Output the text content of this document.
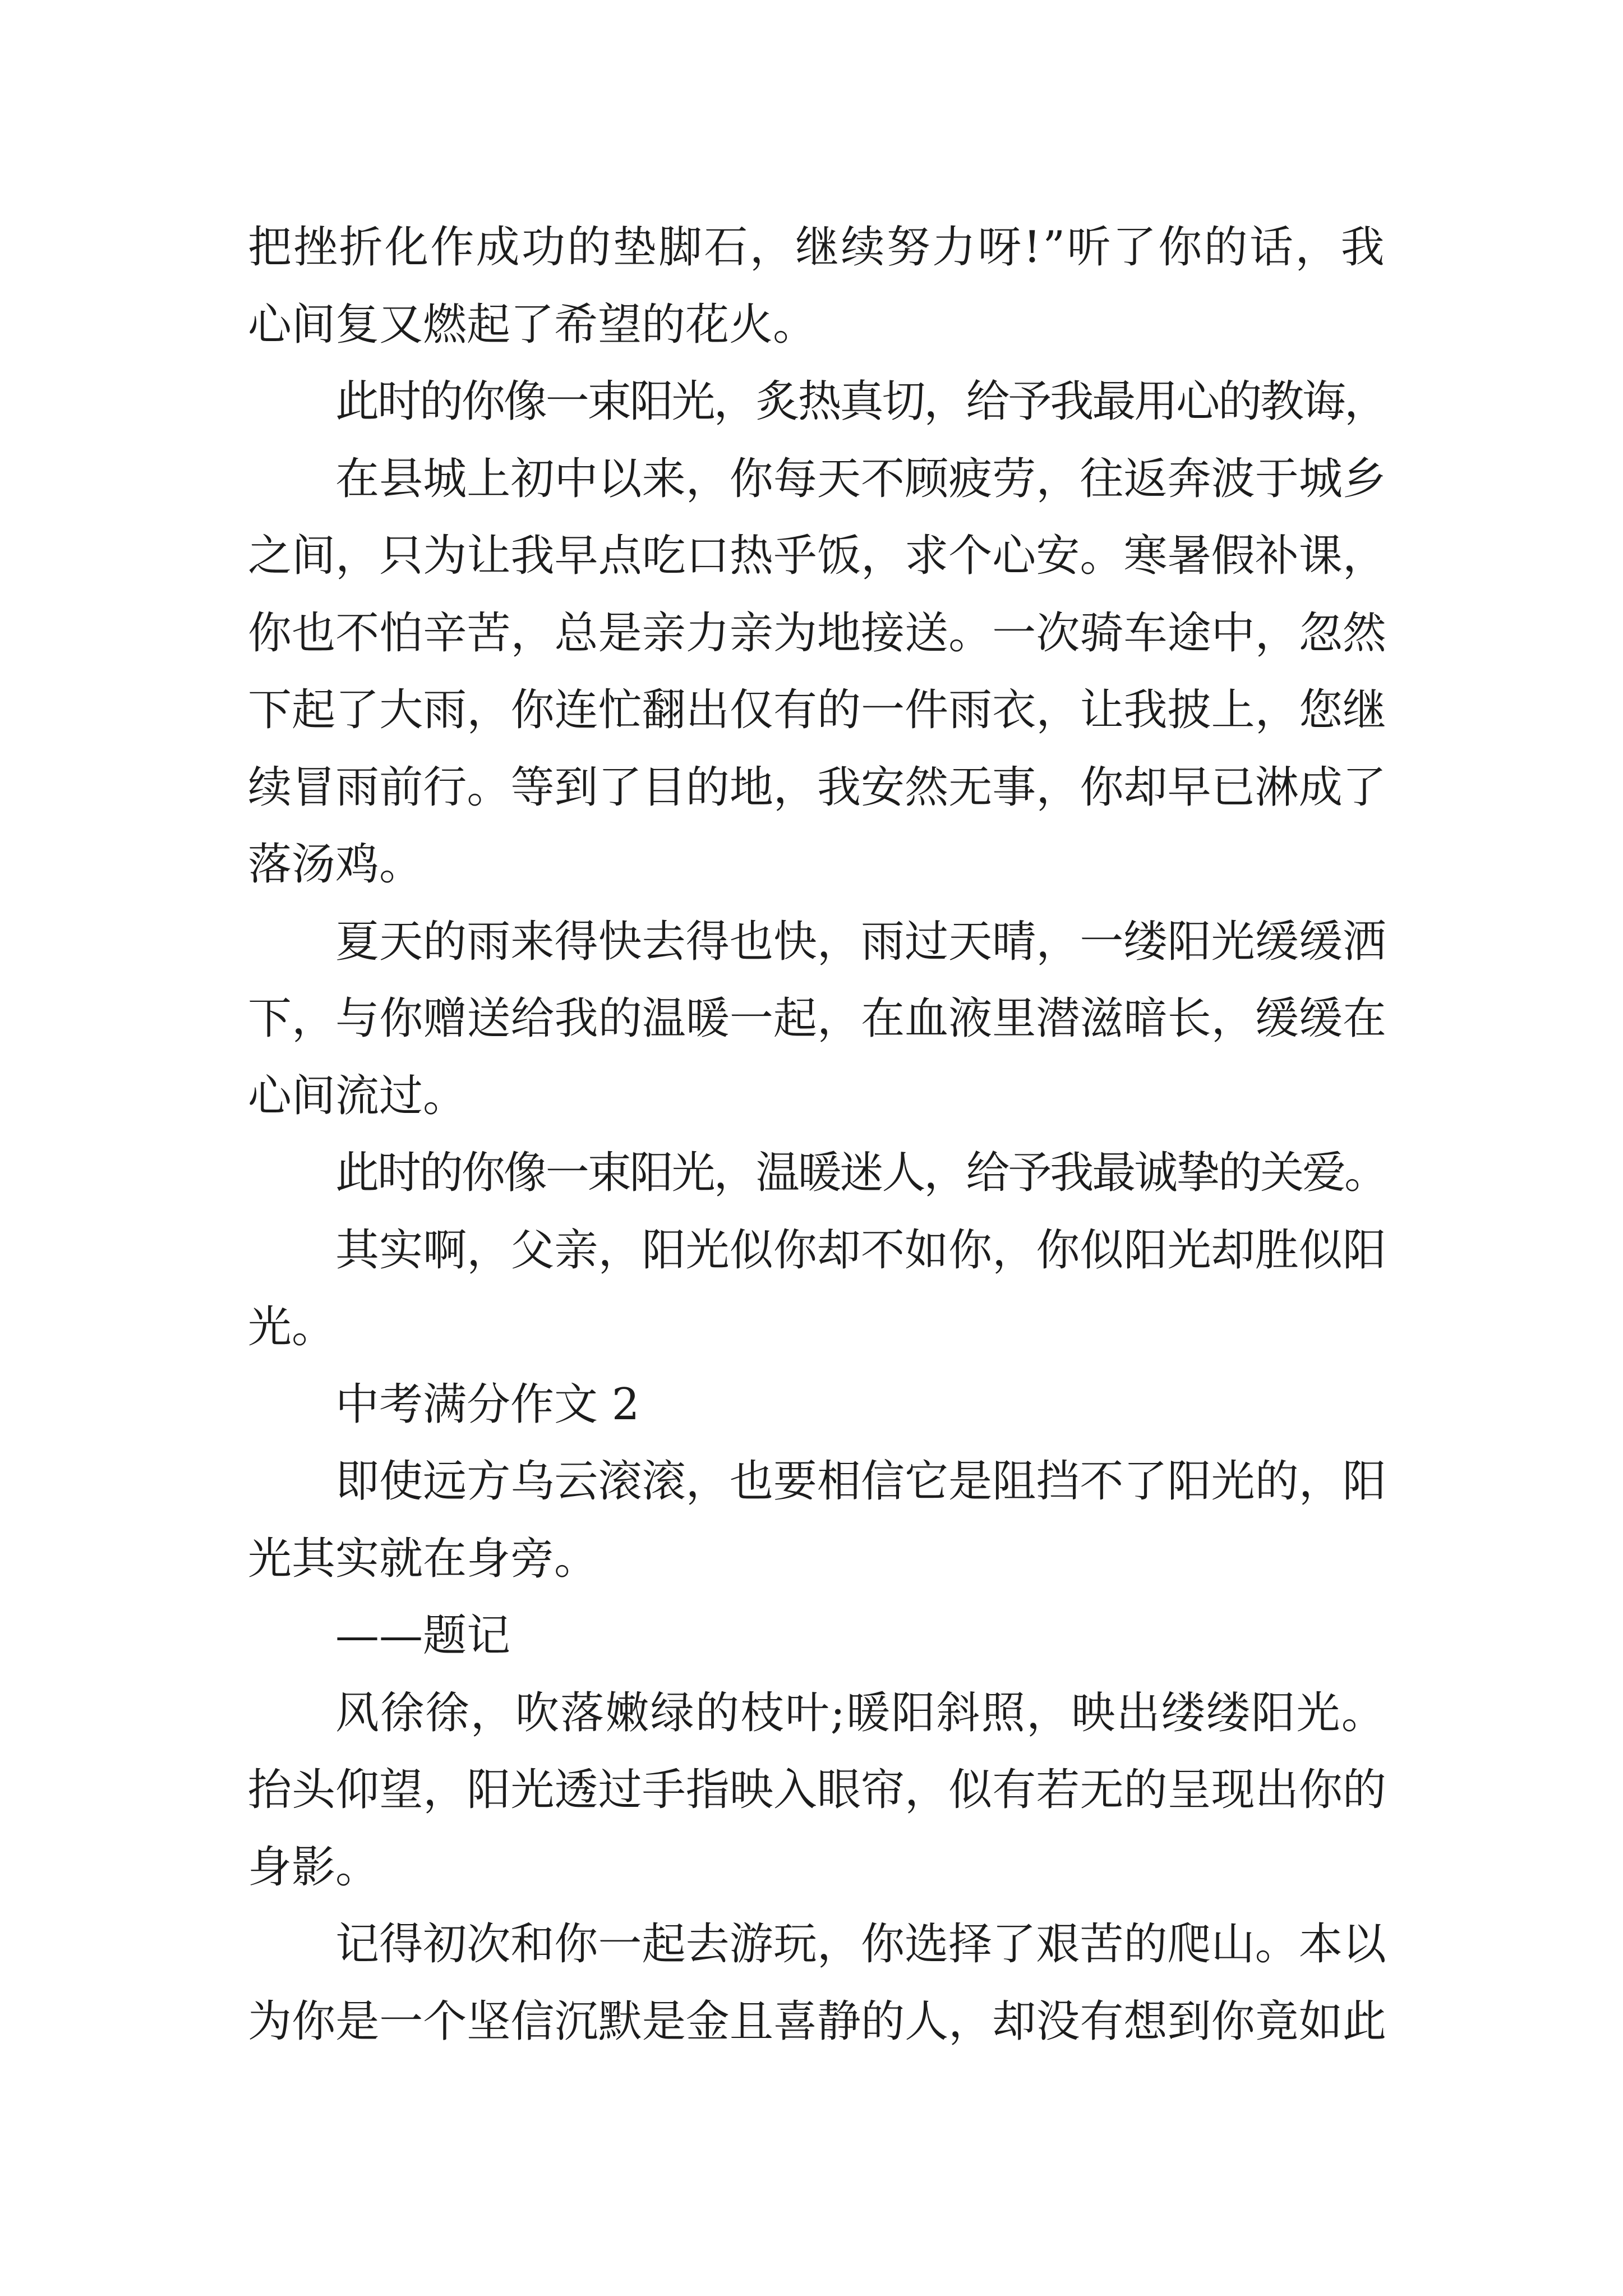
把挫折化作成功的垫脚石，继续努力呀!”听了你的话，我
心间复又燃起了希望的花火。
此时的你像一束阳光，炙热真切，给予我最用心的教诲，
在县城上初中以来，你每天不顾疲劳，往返奔波于城乡
之间，只为让我早点吃口热乎饭，求个心安。寒暑假补课，
你也不怕辛苦，总是亲力亲为地接送。一次骑车途中，忽然
下起了大雨，你连忙翻出仅有的一件雨衣，让我披上，您继
续冒雨前行。等到了目的地，我安然无事，你却早已淋成了
落汤鸡。
夏天的雨来得快去得也快，雨过天晴，一缕阳光缓缓洒
下，与你赠送给我的温暖一起，在血液里潜滋暗长，缓缓在
心间流过。
此时的你像一束阳光，温暖迷人，给予我最诚挚的关爱。
其实啊，父亲，阳光似你却不如你，你似阳光却胜似阳
光。
中考满分作文 2
即使远方乌云滚滚，也要相信它是阻挡不了阳光的，阳
光其实就在身旁。
——题记
风徐徐，吹落嫩绿的枝叶;暖阳斜照，映出缕缕阳光。
抬头仰望，阳光透过手指映入眼帘，似有若无的呈现出你的
身影。
记得初次和你一起去游玩，你选择了艰苦的爬山。本以
为你是一个坚信沉默是金且喜静的人，却没有想到你竟如此
